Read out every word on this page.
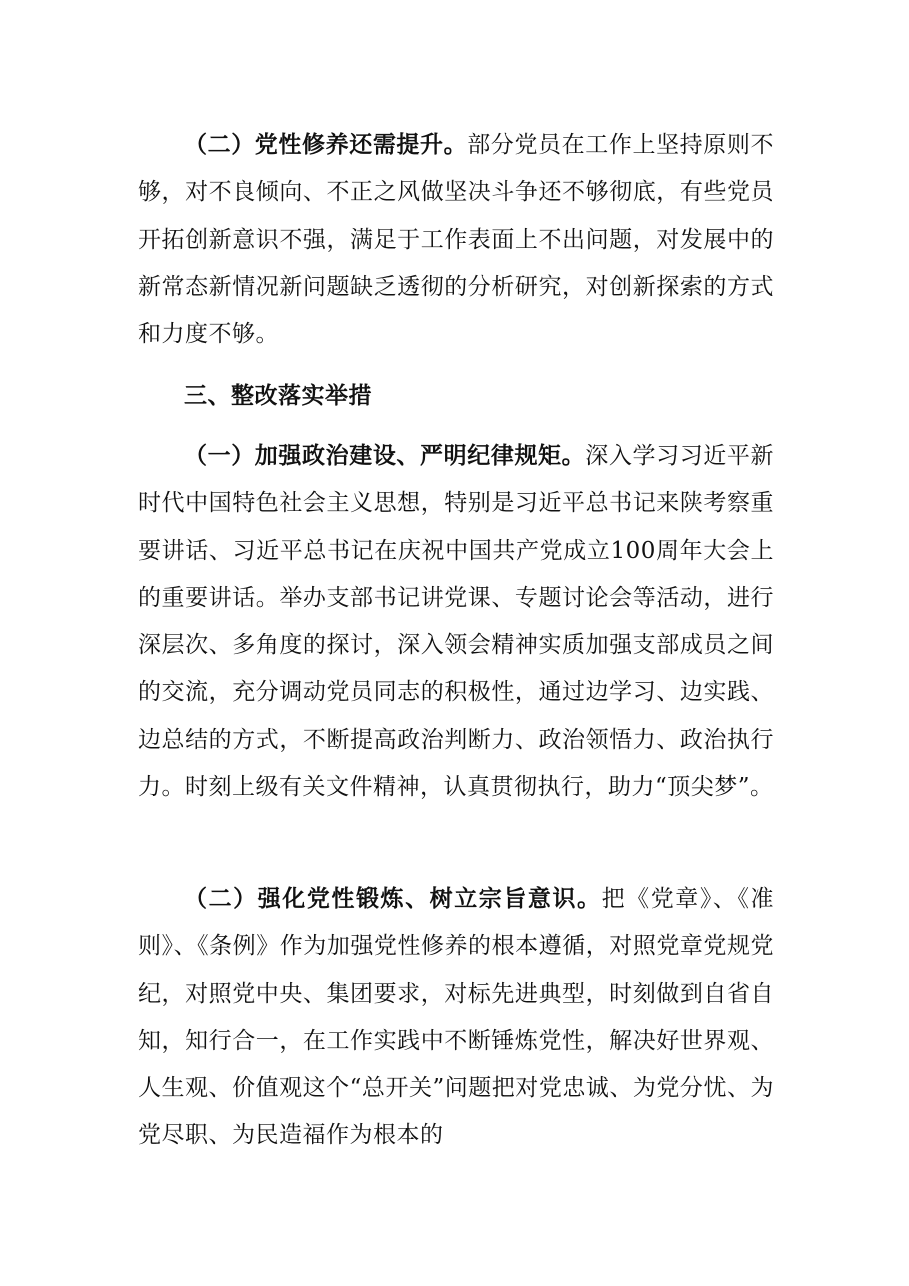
（二）党性修养还需提升。部分党员在工作上坚持原则不够，对不良倾向、不正之风做坚决斗争还不够彻底，有些党员开拓创新意识不强，满足于工作表面上不出问题，对发展中的新常态新情况新问题缺乏透彻的分析研究，对创新探索的方式和力度不够。

三、整改落实举措

（一）加强政治建设、严明纪律规矩。深入学习习近平新时代中国特色社会主义思想，特别是习近平总书记来陕考察重要讲话、习近平总书记在庆祝中国共产党成立100周年大会上的重要讲话。举办支部书记讲党课、专题讨论会等活动，进行深层次、多角度的探讨，深入领会精神实质加强支部成员之间的交流，充分调动党员同志的积极性，通过边学习、边实践、边总结的方式，不断提高政治判断力、政治领悟力、政治执行力。时刻上级有关文件精神，认真贯彻执行，助力“顶尖梦”。

（二）强化党性锻炼、树立宗旨意识。把《党章》、《准则》、《条例》作为加强党性修养的根本遵循，对照党章党规党纪，对照党中央、集团要求，对标先进典型，时刻做到自省自知，知行合一，在工作实践中不断锤炼党性，解决好世界观、人生观、价值观这个“总开关”问题把对党忠诚、为党分忧、为党尽职、为民造福作为根本的
